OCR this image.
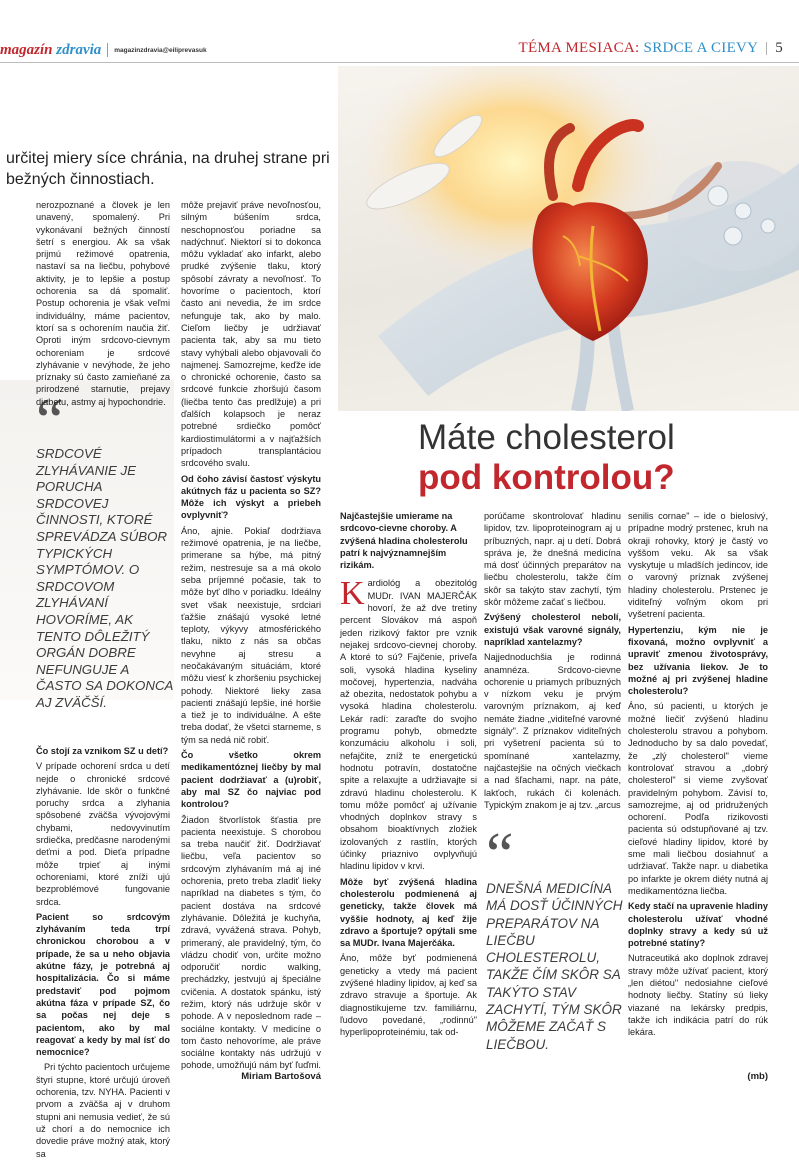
magazín zdravia magazinzdravia@eiliprevasuk	TÉMA MESIACA: SRDCE A CIEVY | 5
určitej miery síce chránia, na druhej strane pri bežných činnostiach.
Máte cholesterol
pod kontrolou?
“
SRDCOVÉ ZLYHÁVANIE JE PORUCHA SRDCOVEJ ČINNOSTI, KTORÉ SPREVÁDZA SÚBOR TYPICKÝCH SYMPTÓMOV. O SRDCOVOM ZLYHÁVANÍ HOVORÍME, AK TENTO DÔLEŽITÝ ORGÁN DOBRE NEFUNGUJE A ČASTO SA DOKONCA AJ ZVÄČŠÍ.

nerozpoznané a človek je len unavený, spomalený. Pri vykonávaní bežných činností šetrí s energiou. Ak sa však prijmú režimové opatrenia, nastaví sa na liečbu, pohybové aktivity, je to lepšie a postup ochorenia sa dá spomaliť. Postup ochorenia je však veľmi individuálny, máme pacientov, ktorí sa s ochorením naučia žiť. Oproti iným srdcovo-cievnym ochoreniam je srdcové zlyhávanie v nevýhode, že jeho príznaky sú často zamieňané za prirodzené starnutie, prejavy diabetu, astmy aj hypochondrie.

Čo stojí za vznikom SZ u detí?

V prípade ochorení srdca u detí nejde o chronické srdcové zlyhávanie. Ide skôr o funkčné poruchy srdca a zlyhania spôsobené zväčša vývojovými chybami, nedovyvinutím srdiečka, predčasne narodenými deťmi a pod. Dieťa prípadne môže trpieť aj inými ochoreniami, ktoré zníži ujú bezproblémové fungovanie srdca.

Pacient so srdcovým zlyhávaním teda trpí chronickou chorobou a v prípade, že sa u neho objavia akútne fázy, je potrebná aj hospitalizácia. Čo si máme predstaviť pod pojmom akútna fáza v prípade SZ, čo sa počas nej deje s pacientom, ako by mal reagovať a kedy by mal ísť do nemocnice?

Pri týchto pacientoch určujeme štyri stupne, ktoré určujú úroveň ochorenia, tzv. NYHA. Pacienti v prvom a zväčša aj v druhom stupni ani nemusia vedieť, že sú už chorí a do nemocnice ich dovedie práve možný atak, ktorý sa

môže prejaviť práve nevoľnosťou, silným búšením srdca, neschopnosťou poriadne sa nadýchnuť. Niektorí si to dokonca môžu vykladať ako infarkt, alebo prudké zvýšenie tlaku, ktorý spôsobí závraty a nevoľnosť. To hovoríme o pacientoch, ktorí často ani nevedia, že im srdce nefunguje tak, ako by malo. Cieľom liečby je udržiavať pacienta tak, aby sa mu tieto stavy vyhýbali alebo objavovali čo najmenej. Samozrejme, keďže ide o chronické ochorenie, často sa srdcové funkcie zhoršujú časom (liečba tento čas predlžuje) a pri ďalších kolapsoch je neraz potrebné srdiečko pomôcť kardiostimulátormi a v najťažších prípadoch transplantáciou srdcového svalu.

Od čoho závisí častosť výskytu akútnych fáz u pacienta so SZ? Môže ich výskyt a priebeh ovplyvniť?

Áno, ajnie. Pokiaľ dodržiava režimové opatrenia, je na liečbe, primerane sa hýbe, má pitný režim, nestresuje sa a má okolo seba príjemné počasie, tak to môže byť dlho v poriadku. Ideálny svet však neexistuje, srdciari ťažšie znášajú vysoké letné teploty, výkyvy atmosférického tlaku, nikto z nás sa občas nevyhne aj stresu a neočakávaným situáciám, ktoré môžu viesť k zhoršeniu psychickej pohody. Niektoré lieky zasa pacienti znášajú lepšie, iné horšie a tiež je to individuálne. A ešte treba dodať, že všetci starneme, s tým sa nedá nič robiť.

Čo všetko okrem medikamentóznej liečby by mal pacient dodržiavať a (u)robiť, aby mal SZ čo najviac pod kontrolou?

Žiadon štvorlístok šťastia pre pacienta neexistuje. S chorobou sa treba naučiť žiť. Dodržiavať liečbu, veľa pacientov so srdcovým zlyhávaním má aj iné ochorenia, preto treba zladiť lieky napríklad na diabetes s tým, čo pacient dostáva na srdcové zlyhávanie. Dôležitá je kuchyňa, zdravá, vyvážená strava. Pohyb, primeraný, ale pravidelný, tým, čo vládzu chodiť von, určite možno odporučiť nordic walking, prechádzky, jestvujú aj špeciálne cvičenia. A dostatok spánku, istý režim, ktorý nás udržuje skôr v pohode. A v neposlednom rade – sociálne kontakty. V medicíne o tom často nehovoríme, ale práve sociálne kontakty nás udržujú v pohode, umožňujú nám byť ľuďmi.

Miriam Bartošová

Najčastejšie umierame na srdcovo-cievne choroby. A zvýšená hladina cholesterolu patrí k najvýznamnejším rizikám.

Kardiológ a obezitológ MUDr. IVAN MAJERČÁK hovorí, že až dve tretiny percent Slovákov má aspoň jeden rizikový faktor pre vznik nejakej srdcovo-cievnej choroby. A ktoré to sú? Fajčenie, priveľa soli, vysoká hladina kyseliny močovej, hypertenzia, nadváha až obezita, nedostatok pohybu a vysoká hladina cholesterolu. Lekár radí: zaraďte do svojho programu pohyb, obmedzte konzumáciu alkoholu i soli, nefajčite, zníž te energetickú hodnotu potravín, dostatočne spite a relaxujte a udržiavajte si zdravú hladinu cholesterolu. K tomu môže pomôcť aj užívanie vhodných doplnkov stravy s obsahom bioaktívnych zložiek izolovaných z rastlín, ktorých účinky priaznivo ovplyvňujú hladinu lipidov v krvi.

Môže byť zvýšená hladina cholesterolu podmienená aj geneticky, takže človek má vyššie hodnoty, aj keď žije zdravo a športuje? opýtali sme sa MUDr. Ivana Majerčáka.

Áno, môže byť podmienená geneticky a vtedy má pacient zvýšené hladiny lipidov, aj keď sa zdravo stravuje a športuje. Ak diagnostikujeme tzv. familiárnu, ľudovo povedané, „rodinnú" hyperlipoproteinémiu, tak od-

porúčame skontrolovať hladinu lipidov, tzv. lipoproteinogram aj u príbuzných, napr. aj u detí. Dobrá správa je, že dnešná medicína má dosť účinných preparátov na liečbu cholesterolu, takže čím skôr sa takýto stav zachytí, tým skôr môžeme začať s liečbou.

Zvýšený cholesterol nebolí, existujú však varovné signály, napríklad xantelazmy?

Najjednoduchšia je rodinná anamnéza. Srdcovo-cievne ochorenie u priamych príbuzných v nízkom veku je prvým varovným príznakom, aj keď nemáte žiadne „viditeľné varovné signály". Z príznakov viditeľných pri vyšetrení pacienta sú to spomínané xantelazmy, najčastejšie na očných viečkach a nad šľachami, napr. na páte, lakťoch, rukách či kolenách. Typickým znakom je aj tzv. „arcus

“
DNEŠNÁ MEDICÍNA MÁ DOSŤ ÚČINNÝCH PREPARÁTOV NA LIEČBU CHOLESTEROLU, TAKŽE ČÍM SKÔR SA TAKÝTO STAV ZACHYTÍ, TÝM SKÔR MÔŽEME ZAČAŤ S LIEČBOU.

senilis cornae" – ide o bielosivý, prípadne modrý prstenec, kruh na okraji rohovky, ktorý je častý vo vyššom veku. Ak sa však vyskytuje u mladších jedincov, ide o varovný príznak zvýšenej hladiny cholesterolu. Prstenec je viditeľný voľným okom pri vyšetrení pacienta.

Hypertenziu, kým nie je fixovaná, možno ovplyvniť a upraviť zmenou životosprávy, bez užívania liekov. Je to možné aj pri zvýšenej hladine cholesterolu?

Áno, sú pacienti, u ktorých je možné liečiť zvýšenú hladinu cholesterolu stravou a pohybom. Jednoducho by sa dalo povedať, že „zlý cholesterol" vieme kontrolovať stravou a „dobrý cholesterol" si vieme zvyšovať pravidelným pohybom. Závisí to, samozrejme, aj od pridružených ochorení. Podľa rizikovosti pacienta sú odstupňované aj tzv. cieľové hladiny lipidov, ktoré by sme mali liečbou dosiahnuť a udržiavať. Takže napr. u diabetika po infarkte je okrem diéty nutná aj medikamentózna liečba.

Kedy stačí na upravenie hladiny cholesterolu užívať vhodné doplnky stravy a kedy sú už potrebné statíny?

Nutraceutiká ako doplnok zdravej stravy môže užívať pacient, ktorý „len diétou" nedosiahne cieľové hodnoty liečby. Statíny sú lieky viazané na lekársky predpis, takže ich indikácia patrí do rúk lekára.

(mb)
